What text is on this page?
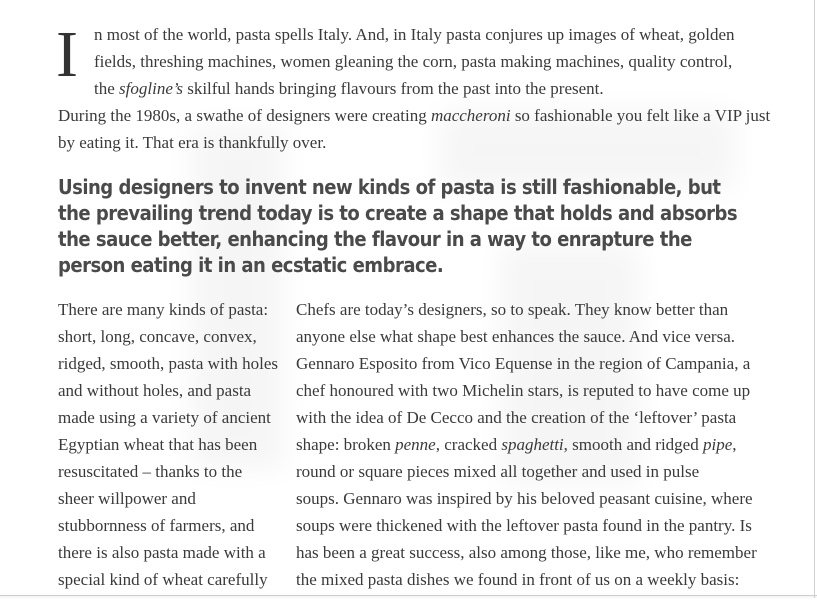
I n most of the world, pasta spells Italy. And, in Italy pasta conjures up images of wheat, golden
fields, threshing machines, women gleaning the corn, pasta making machines, quality control,
the sfogline’s skilful hands bringing flavours from the past into the present.
During the 1980s, a swathe of designers were creating maccheroni so fashionable you felt like a VIP just
by eating it. That era is thankfully over.
Using designers to invent new kinds of pasta is still fashionable, but the prevailing trend today is to create a shape that holds and absorbs the sauce better, enhancing the flavour in a way to enrapture the person eating it in an ecstatic embrace.
There are many kinds of pasta:
short, long, concave, convex,
ridged, smooth, pasta with holes
and without holes, and pasta
made using a variety of ancient
Egyptian wheat that has been
resuscitated – thanks to the
sheer willpower and
stubbornness of farmers, and
there is also pasta made with a
special kind of wheat carefully
Chefs are today’s designers, so to speak. They know better than
anyone else what shape best enhances the sauce. And vice versa.
Gennaro Esposito from Vico Equense in the region of Campania, a
chef honoured with two Michelin stars, is reputed to have come up
with the idea of De Cecco and the creation of the ‘leftover’ pasta
shape: broken penne, cracked spaghetti, smooth and ridged pipe,
round or square pieces mixed all together and used in pulse
soups. Gennaro was inspired by his beloved peasant cuisine, where
soups were thickened with the leftover pasta found in the pantry. Is
has been a great success, also among those, like me, who remember
the mixed pasta dishes we found in front of us on a weekly basis:
